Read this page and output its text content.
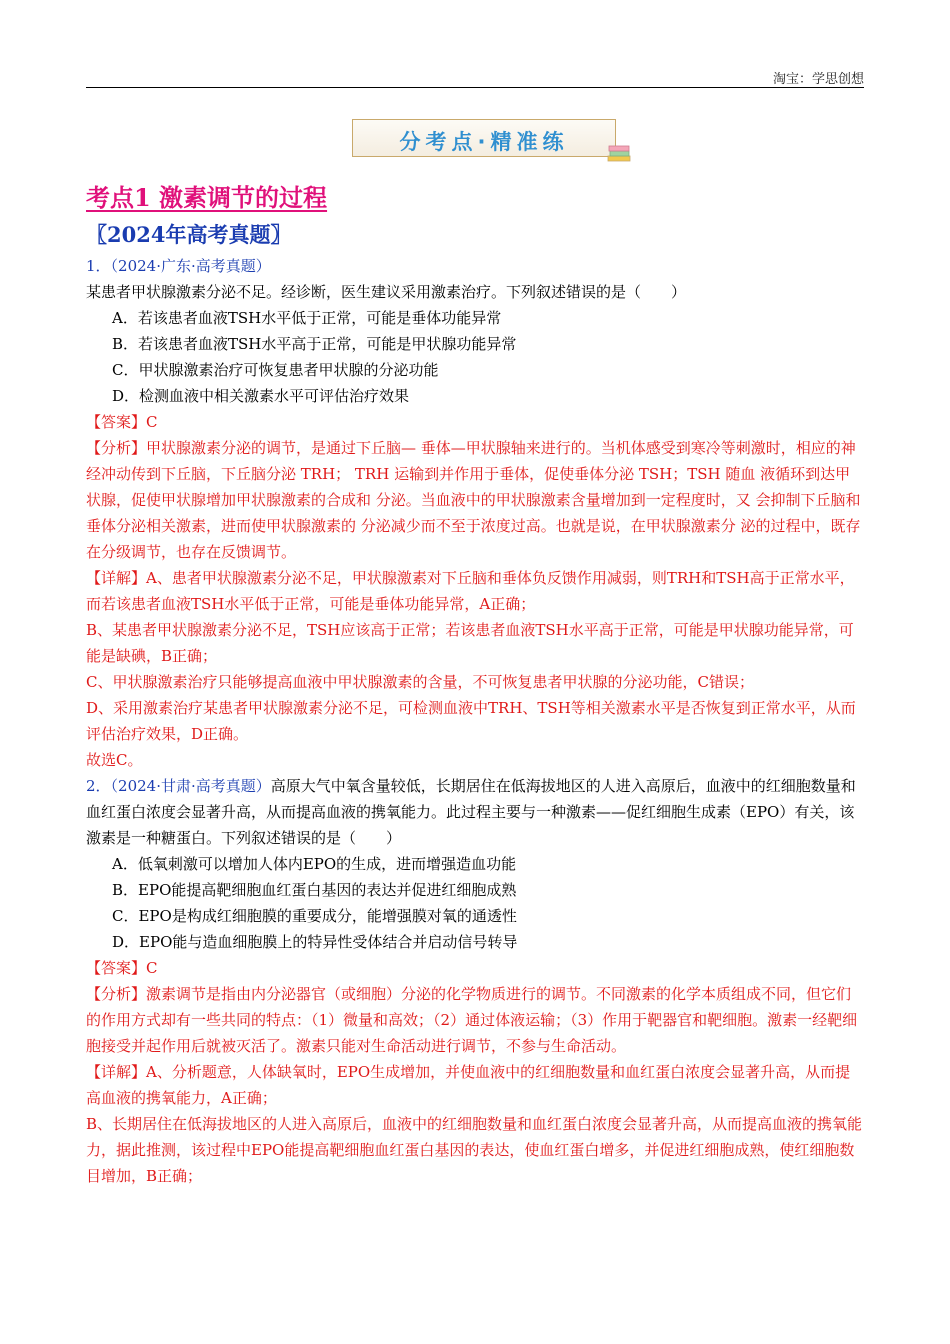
淘宝：学思创想
分考点·精准练
考点1 激素调节的过程
〖2024年高考真题〗

1．（2024·广东·高考真题）某患者甲状腺激素分泌不足。经诊断，医生建议采用激素治疗。下列叙述错误的是（　　）

A．若该患者血液TSH水平低于正常，可能是垂体功能异常

B．若该患者血液TSH水平高于正常，可能是甲状腺功能异常

C．甲状腺激素治疗可恢复患者甲状腺的分泌功能

D．检测血液中相关激素水平可评估治疗效果

【答案】C

【分析】甲状腺激素分泌的调节，是通过下丘脑— 垂体—甲状腺轴来进行的。当机体感受到寒冷等刺激时，相应的神经冲动传到下丘脑，下丘脑分泌 TRH； TRH 运输到并作用于垂体，促使垂体分泌 TSH；TSH 随血 液循环到达甲状腺，促使甲状腺增加甲状腺激素的合成和 分泌。当血液中的甲状腺激素含量增加到一定程度时，又 会抑制下丘脑和垂体分泌相关激素，进而使甲状腺激素的 分泌减少而不至于浓度过高。也就是说，在甲状腺激素分 泌的过程中，既存在分级调节，也存在反馈调节。

【详解】A、患者甲状腺激素分泌不足，甲状腺激素对下丘脑和垂体负反馈作用减弱，则TRH和TSH高于正常水平，而若该患者血液TSH水平低于正常，可能是垂体功能异常，A正确；

B、某患者甲状腺激素分泌不足，TSH应该高于正常；若该患者血液TSH水平高于正常，可能是甲状腺功能异常，可能是缺碘，B正确；

C、甲状腺激素治疗只能够提高血液中甲状腺激素的含量，不可恢复患者甲状腺的分泌功能，C错误；

D、采用激素治疗某患者甲状腺激素分泌不足，可检测血液中TRH、TSH等相关激素水平是否恢复到正常水平，从而评估治疗效果，D正确。

故选C。

2．（2024·甘肃·高考真题）高原大气中氧含量较低，长期居住在低海拔地区的人进入高原后，血液中的红细胞数量和血红蛋白浓度会显著升高，从而提高血液的携氧能力。此过程主要与一种激素——促红细胞生成素（EPO）有关，该激素是一种糖蛋白。下列叙述错误的是（　　）

A．低氧刺激可以增加人体内EPO的生成，进而增强造血功能

B．EPO能提高靶细胞血红蛋白基因的表达并促进红细胞成熟

C．EPO是构成红细胞膜的重要成分，能增强膜对氧的通透性

D．EPO能与造血细胞膜上的特异性受体结合并启动信号转导

【答案】C

【分析】激素调节是指由内分泌器官（或细胞）分泌的化学物质进行的调节。不同激素的化学本质组成不同，但它们的作用方式却有一些共同的特点：（1）微量和高效；（2）通过体液运输；（3）作用于靶器官和靶细胞。激素一经靶细胞接受并起作用后就被灭活了。激素只能对生命活动进行调节，不参与生命活动。

【详解】A、分析题意，人体缺氧时，EPO生成增加，并使血液中的红细胞数量和血红蛋白浓度会显著升高，从而提高血液的携氧能力，A正确；

B、长期居住在低海拔地区的人进入高原后，血液中的红细胞数量和血红蛋白浓度会显著升高，从而提高血液的携氧能力，据此推测，该过程中EPO能提高靶细胞血红蛋白基因的表达，使血红蛋白增多，并促进红细胞成熟，使红细胞数目增加，B正确；
